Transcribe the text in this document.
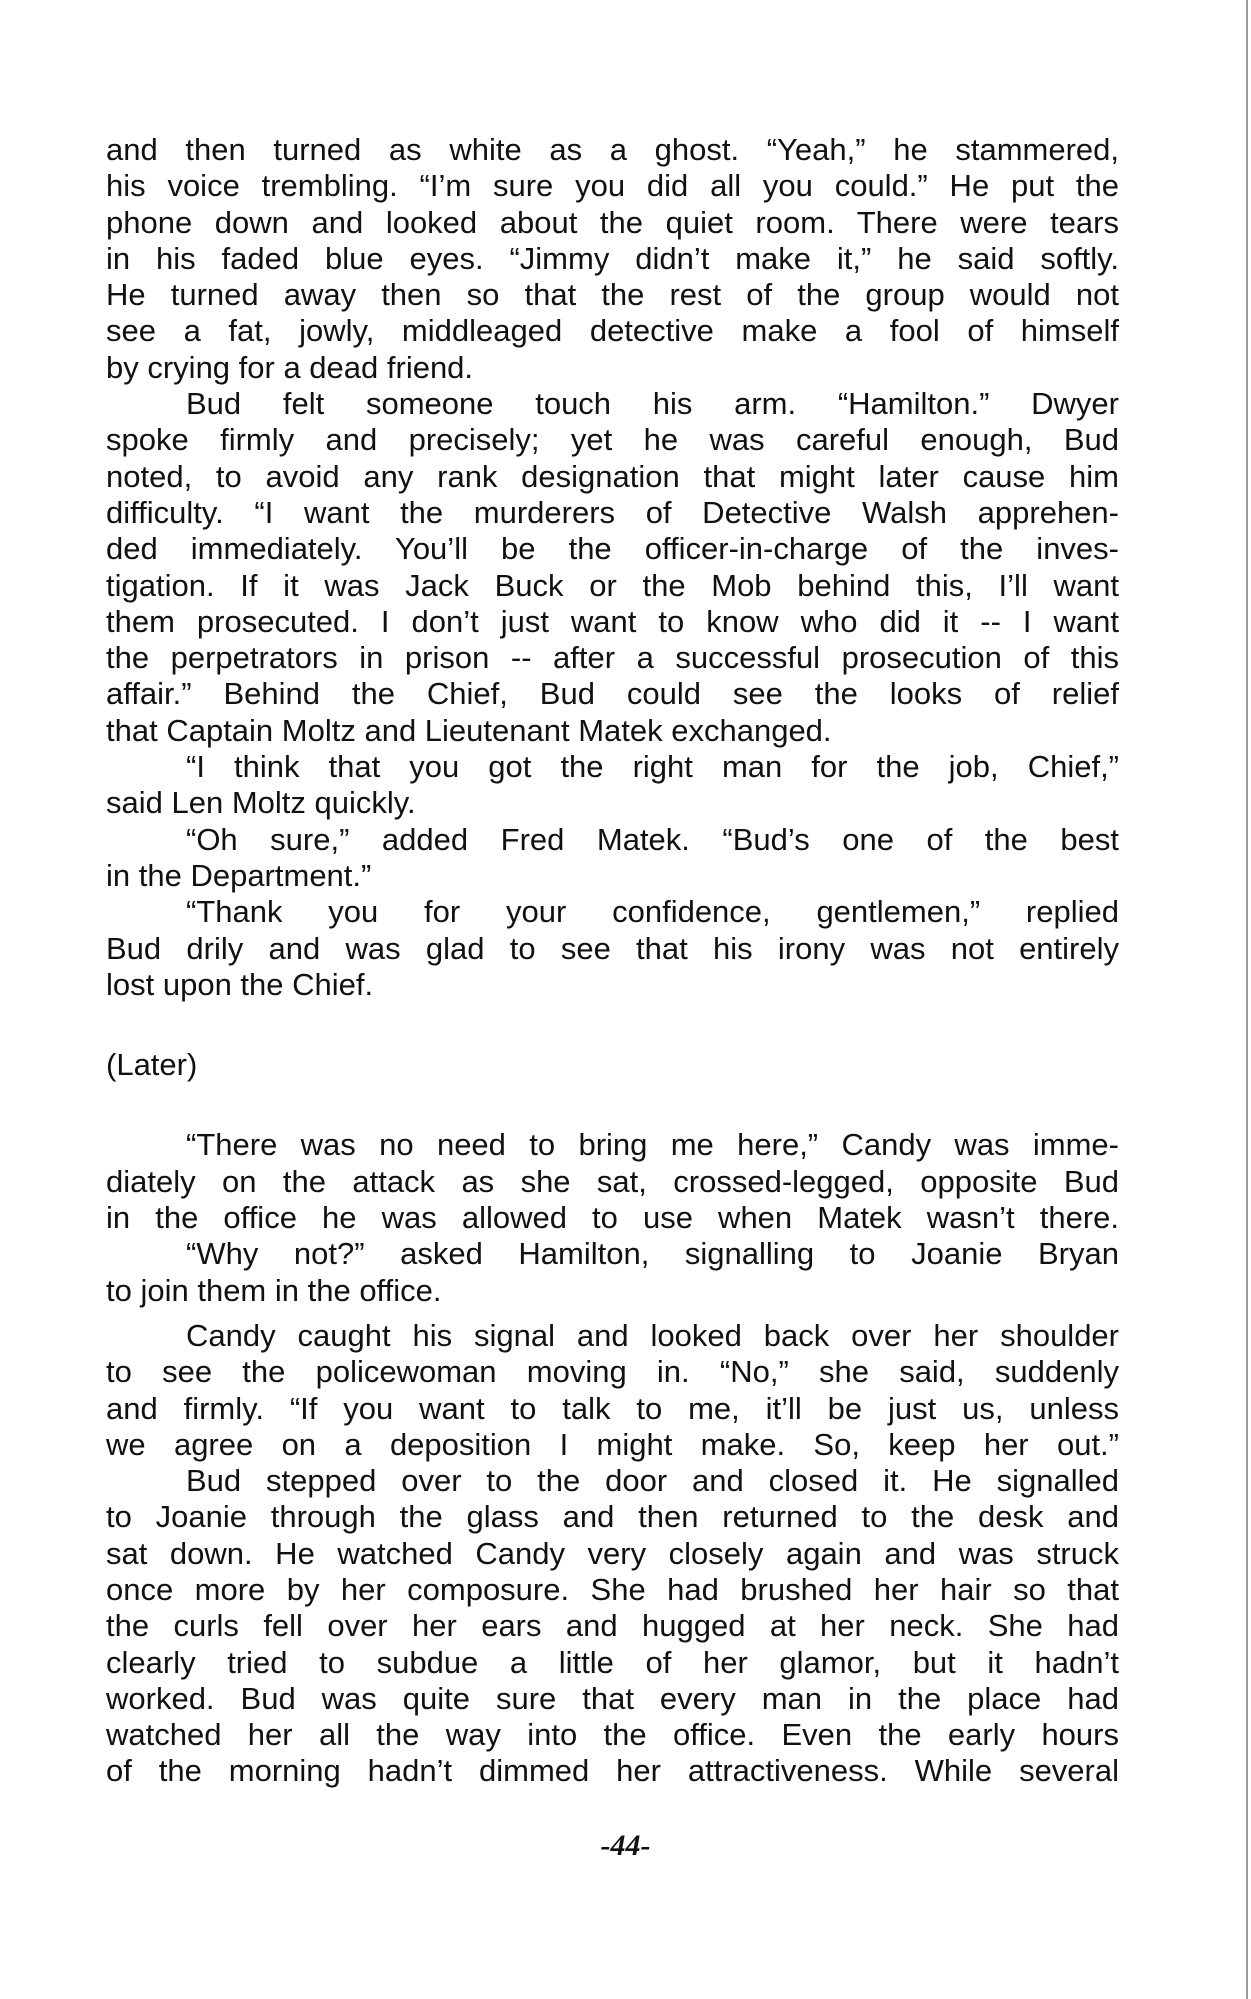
and then turned as white as a ghost. “Yeah,” he stammered,
his voice trembling. “I’m sure you did all you could.” He put the
phone down and looked about the quiet room. There were tears
in his faded blue eyes. “Jimmy didn’t make it,” he said softly.
He turned away then so that the rest of the group would not
see a fat, jowly, middleaged detective make a fool of himself
by crying for a dead friend.
Bud felt someone touch his arm. “Hamilton.” Dwyer
spoke firmly and precisely; yet he was careful enough, Bud
noted, to avoid any rank designation that might later cause him
difficulty. “I want the murderers of Detective Walsh apprehen-
ded immediately. You’ll be the officer-in-charge of the inves-
tigation. If it was Jack Buck or the Mob behind this, I’ll want
them prosecuted. I don’t just want to know who did it -- I want
the perpetrators in prison -- after a successful prosecution of this
affair.” Behind the Chief, Bud could see the looks of relief
that Captain Moltz and Lieutenant Matek exchanged.
“I think that you got the right man for the job, Chief,”
said Len Moltz quickly.
“Oh sure,” added Fred Matek. “Bud’s one of the best
in the Department.”
“Thank you for your confidence, gentlemen,” replied
Bud drily and was glad to see that his irony was not entirely
lost upon the Chief.
(Later)
“There was no need to bring me here,” Candy was imme-
diately on the attack as she sat, crossed-legged, opposite Bud
in the office he was allowed to use when Matek wasn’t there.
“Why not?” asked Hamilton, signalling to Joanie Bryan
to join them in the office.
Candy caught his signal and looked back over her shoulder
to see the policewoman moving in. “No,” she said, suddenly
and firmly. “If you want to talk to me, it’ll be just us, unless
we agree on a deposition I might make. So, keep her out.”
Bud stepped over to the door and closed it. He signalled
to Joanie through the glass and then returned to the desk and
sat down. He watched Candy very closely again and was struck
once more by her composure. She had brushed her hair so that
the curls fell over her ears and hugged at her neck. She had
clearly tried to subdue a little of her glamor, but it hadn’t
worked. Bud was quite sure that every man in the place had
watched her all the way into the office. Even the early hours
of the morning hadn’t dimmed her attractiveness. While several
-44-
